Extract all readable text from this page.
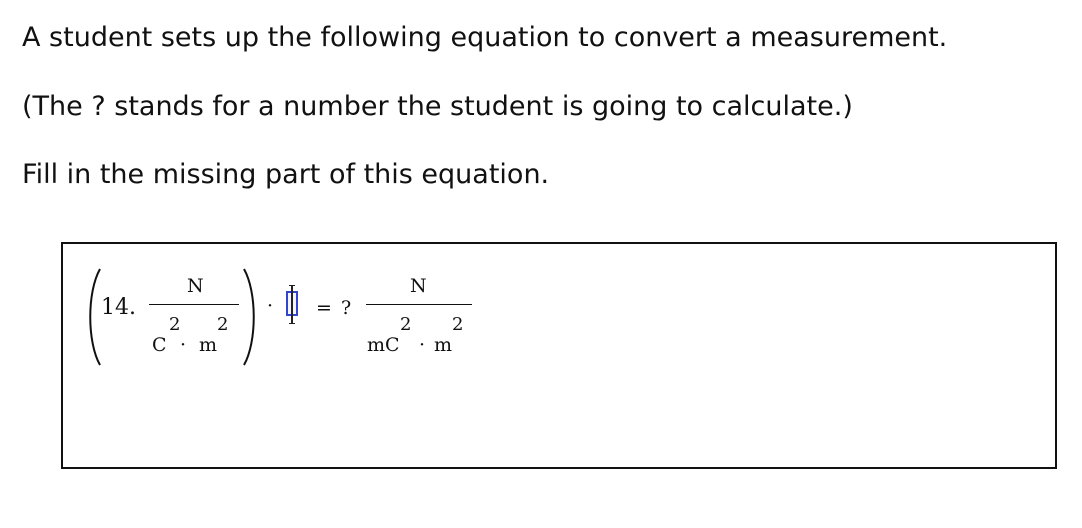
A student sets up the following equation to convert a measurement.
(The ? stands for a number the student is going to calculate.)
Fill in the missing part of this equation.
14.
N
2 2
C · m
· = ?
N
2 2
mC · m
